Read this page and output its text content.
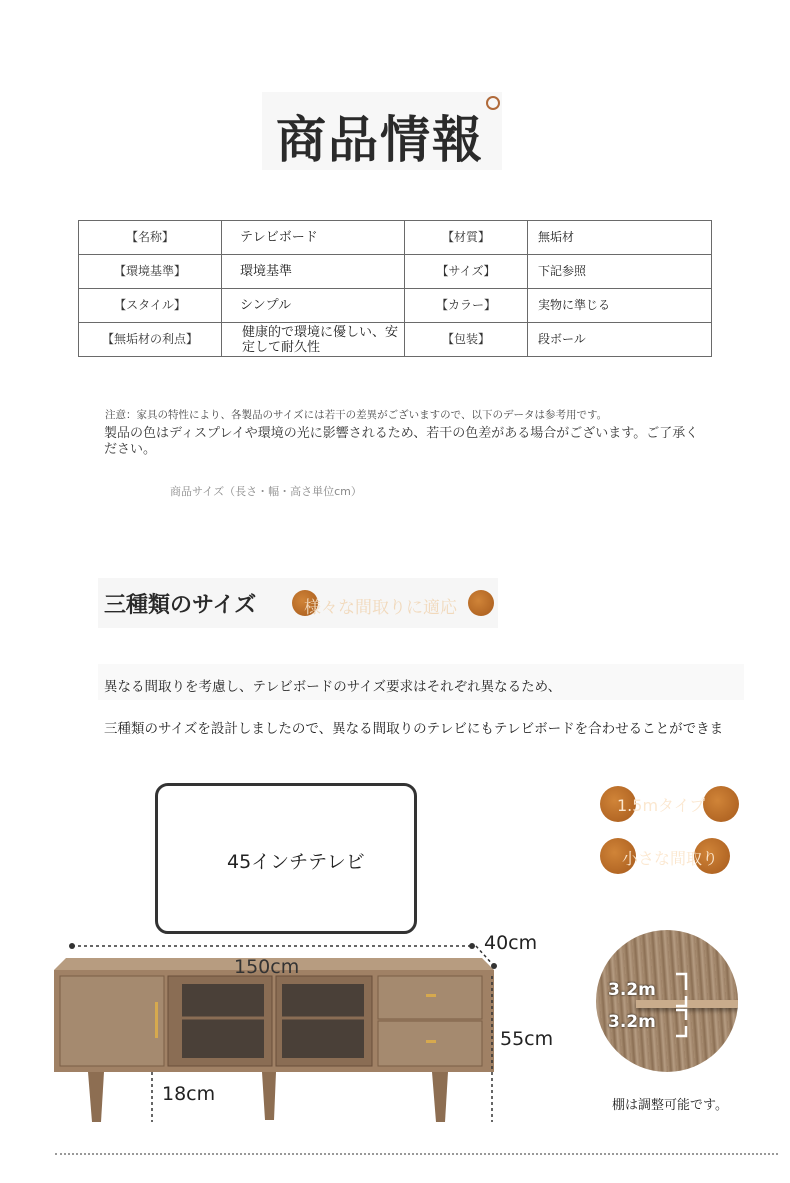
商品情報
【名称】	テレビボード	【材質】	無垢材
【環境基準】	環境基準	【サイズ】	下記参照
【スタイル】	シンプル	【カラー】	実物に準じる
【無垢材の利点】	健康的で環境に優しい、安定して耐久性	【包装】	段ボール
注意：家具の特性により、各製品のサイズには若干の差異がございますので、以下のデータは参考用です。
製品の色はディスプレイや環境の光に影響されるため、若干の色差がある場合がございます。ご了承ください。
商品サイズ（長さ・幅・高さ単位cm）
三種類のサイズ	様々な間取りに適応
異なる間取りを考慮し、テレビボードのサイズ要求はそれぞれ異なるため、
三種類のサイズを設計しましたので、異なる間取りのテレビにもテレビボードを合わせることができま
45インチテレビ
1.5mタイプ
小さな間取り
150cm
40cm
55cm
18cm
3.2m
3.2m
棚は調整可能です。
